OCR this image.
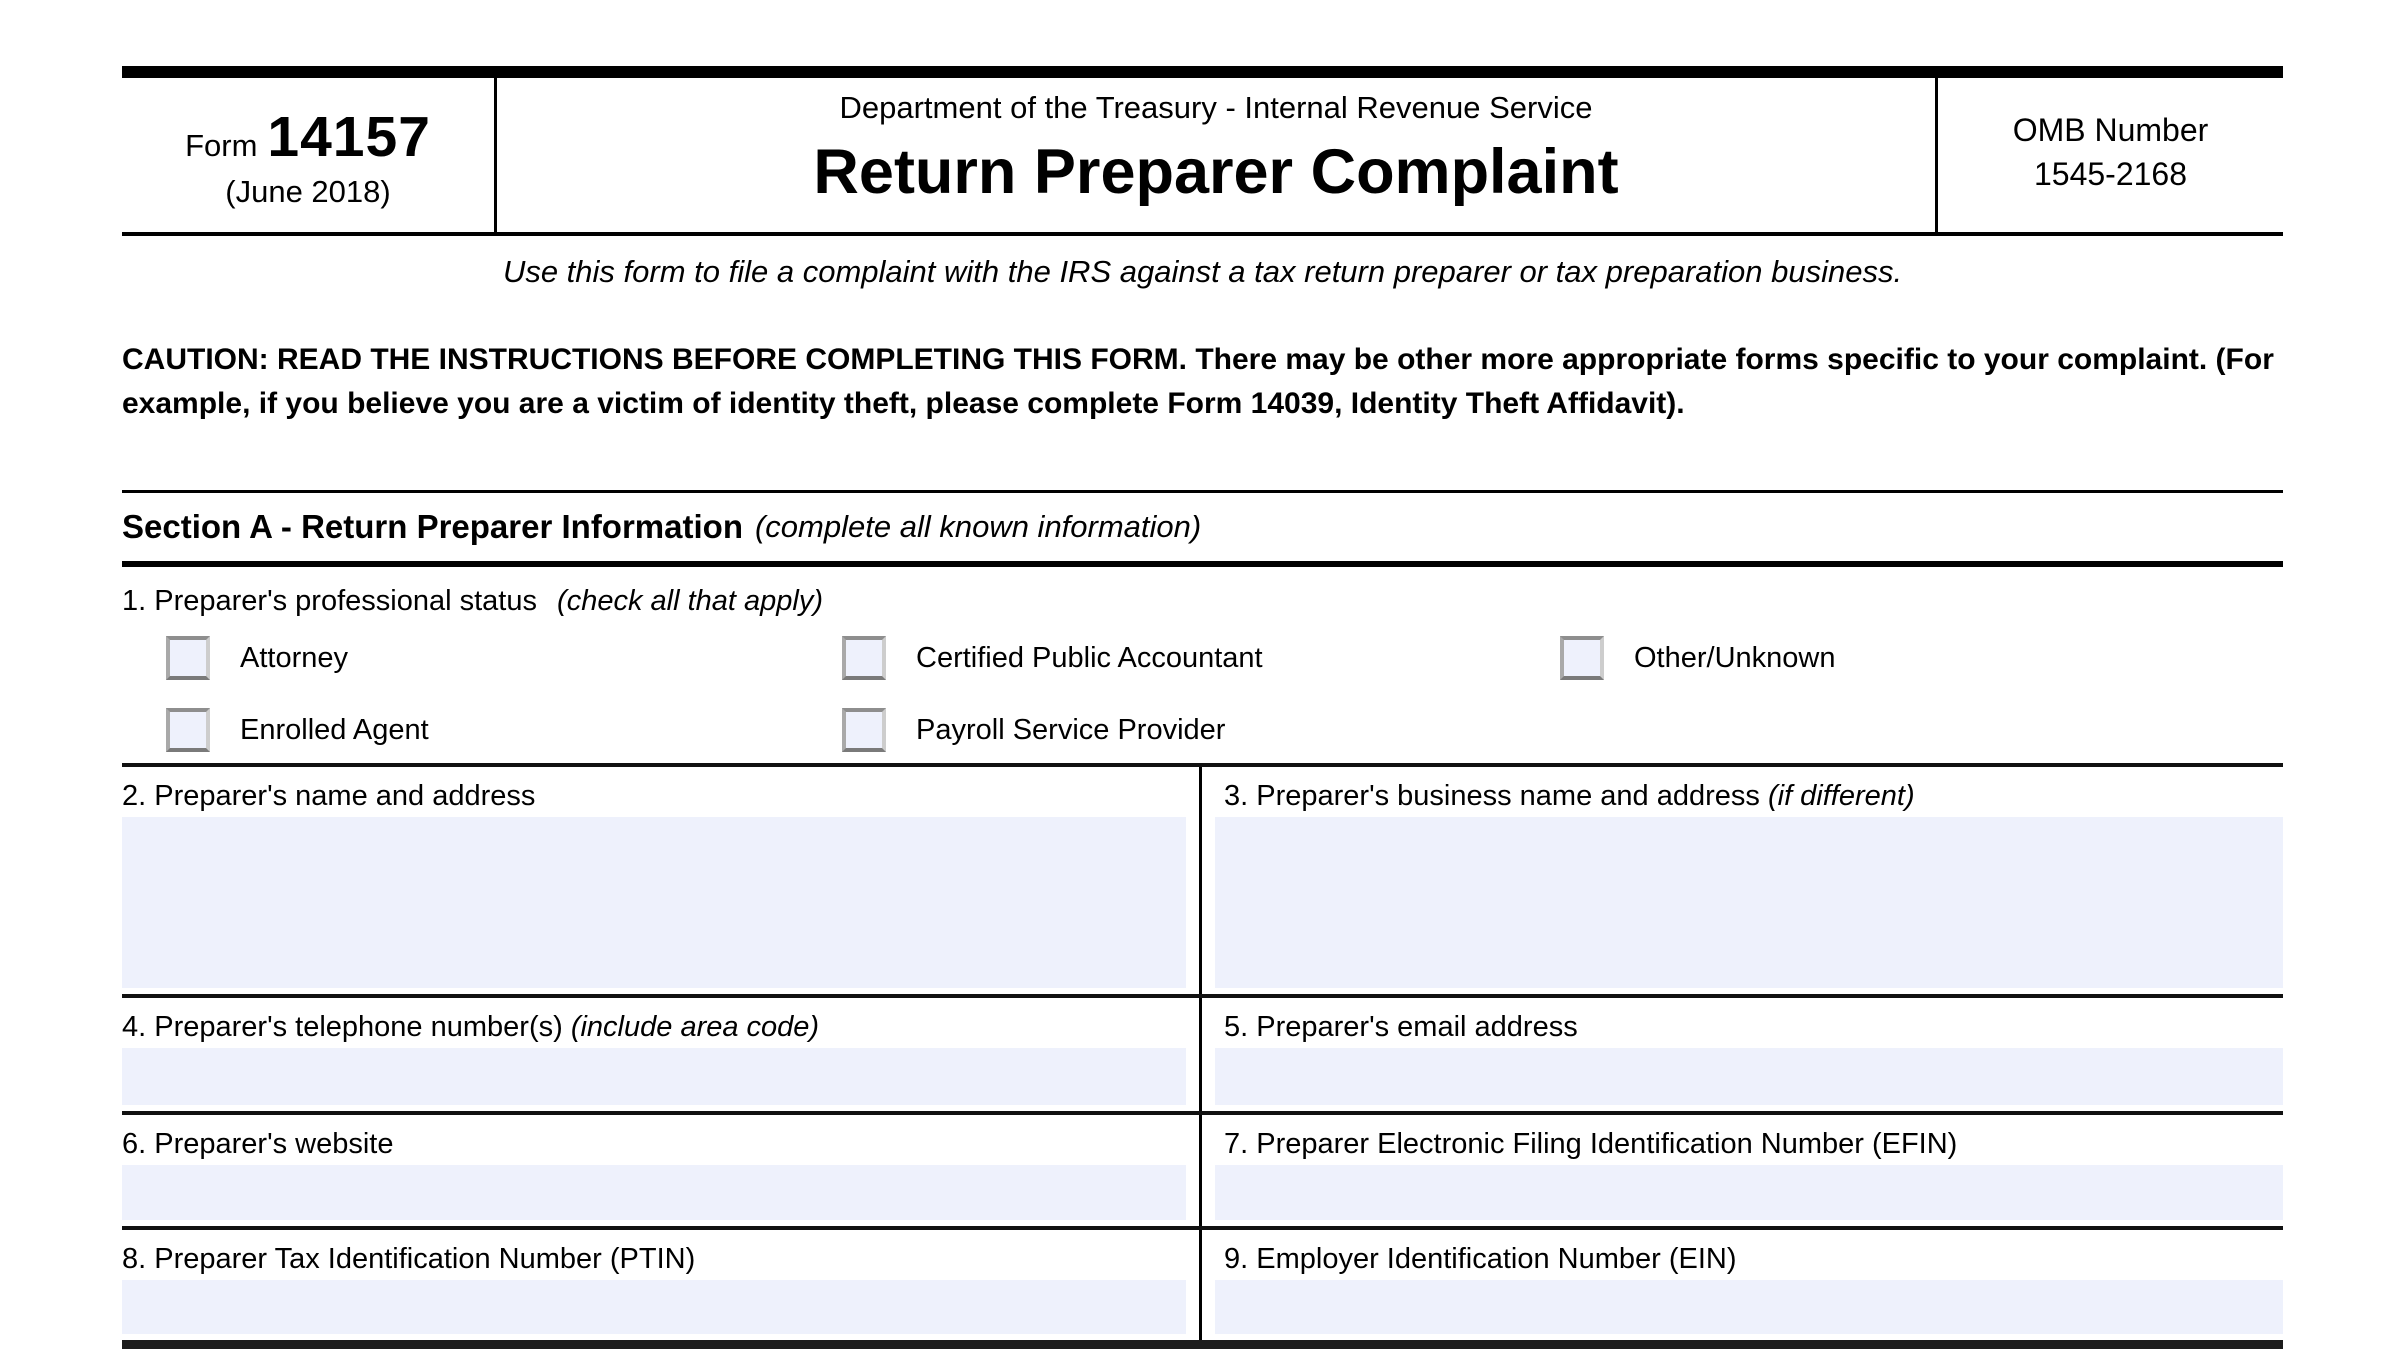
Form 14157
(June 2018)
Department of the Treasury - Internal Revenue Service
Return Preparer Complaint
OMB Number
1545-2168

Use this form to file a complaint with the IRS against a tax return preparer or tax preparation business.

CAUTION: READ THE INSTRUCTIONS BEFORE COMPLETING THIS FORM. There may be other more appropriate forms specific to your complaint. (For example, if you believe you are a victim of identity theft, please complete Form 14039, Identity Theft Affidavit).

Section A - Return Preparer Information (complete all known information)
1. Preparer's professional status (check all that apply)
Attorney	Certified Public Accountant	Other/Unknown
Enrolled Agent	Payroll Service Provider
2. Preparer's name and address	3. Preparer's business name and address (if different)
4. Preparer's telephone number(s) (include area code)	5. Preparer's email address
6. Preparer's website	7. Preparer Electronic Filing Identification Number (EFIN)
8. Preparer Tax Identification Number (PTIN)	9. Employer Identification Number (EIN)
